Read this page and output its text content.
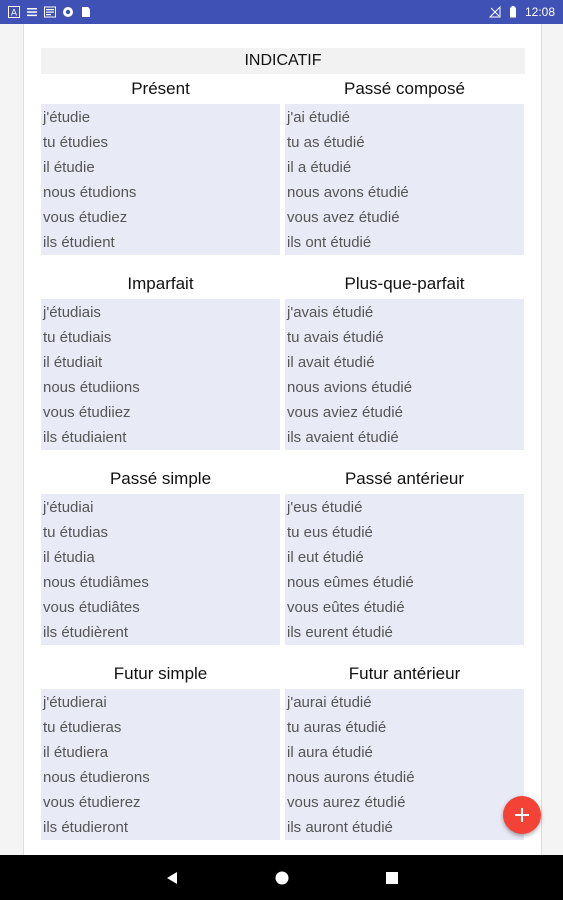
A	12:08
INDICATIF
Présent
j'étudie
tu étudies
il étudie
nous étudions
vous étudiez
ils étudient
Passé composé
j'ai étudié
tu as étudié
il a étudié
nous avons étudié
vous avez étudié
ils ont étudié
Imparfait
j'étudiais
tu étudiais
il étudiait
nous étudiions
vous étudiiez
ils étudiaient
Plus-que-parfait
j'avais étudié
tu avais étudié
il avait étudié
nous avions étudié
vous aviez étudié
ils avaient étudié
Passé simple
j'étudiai
tu étudias
il étudia
nous étudiâmes
vous étudiâtes
ils étudièrent
Passé antérieur
j'eus étudié
tu eus étudié
il eut étudié
nous eûmes étudié
vous eûtes étudié
ils eurent étudié
Futur simple
j'étudierai
tu étudieras
il étudiera
nous étudierons
vous étudierez
ils étudieront
Futur antérieur
j'aurai étudié
tu auras étudié
il aura étudié
nous aurons étudié
vous aurez étudié
ils auront étudié
